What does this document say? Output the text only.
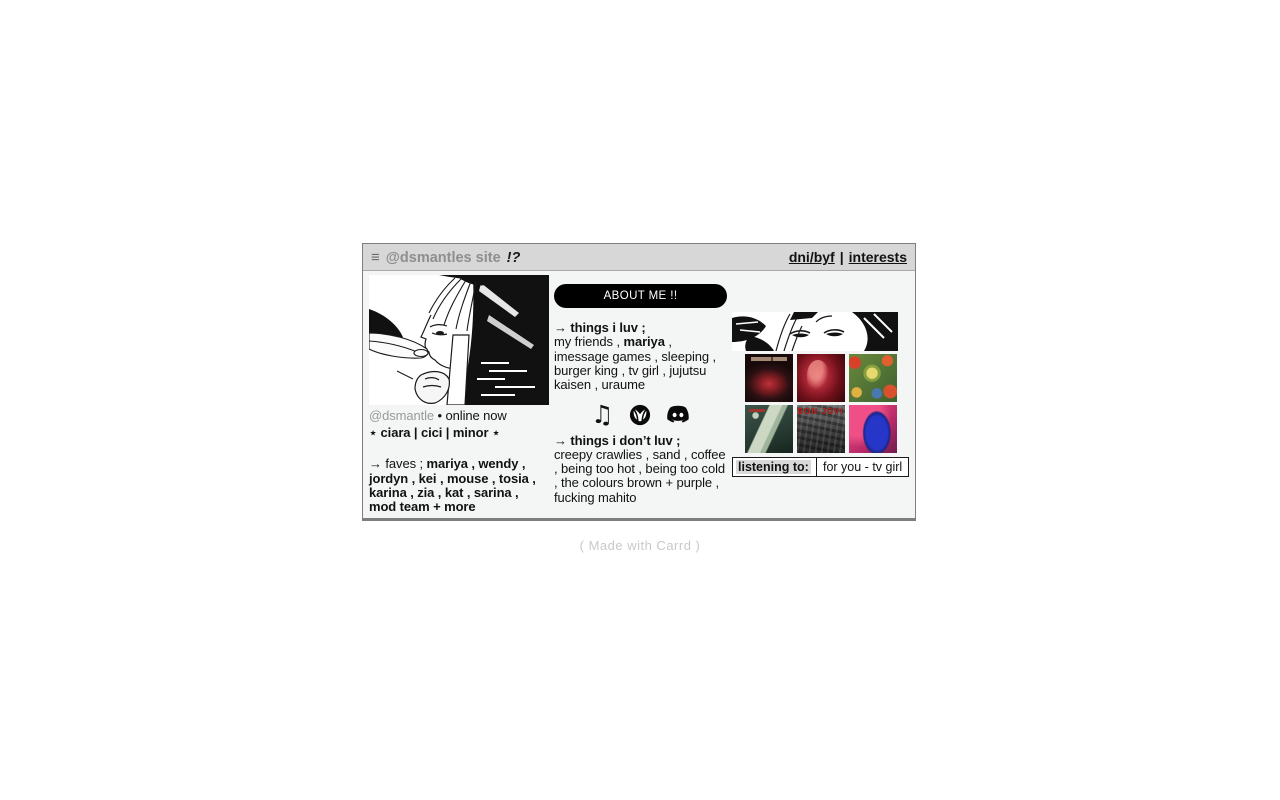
≡ @dsmantles site !?	dni/byf | interests
@dsmantle • online now
⋆ ciara | cici | minor ⋆
→ faves ; mariya , wendy , jordyn , kei , mouse , tosia , karina , zia , kat , sarina , mod team + more
ABOUT ME !!
→ things i luv ;
my friends , mariya , imessage games , sleeping , burger king , tv girl , jujutsu kaisen , uraume
♫
→ things i don’t luv ;
creepy crawlies , sand , coffee , being too hot , being too cold , the colours brown + purple , fucking mahito
BON JOVI
listening to:	for you - tv girl
( Made with Carrd )
